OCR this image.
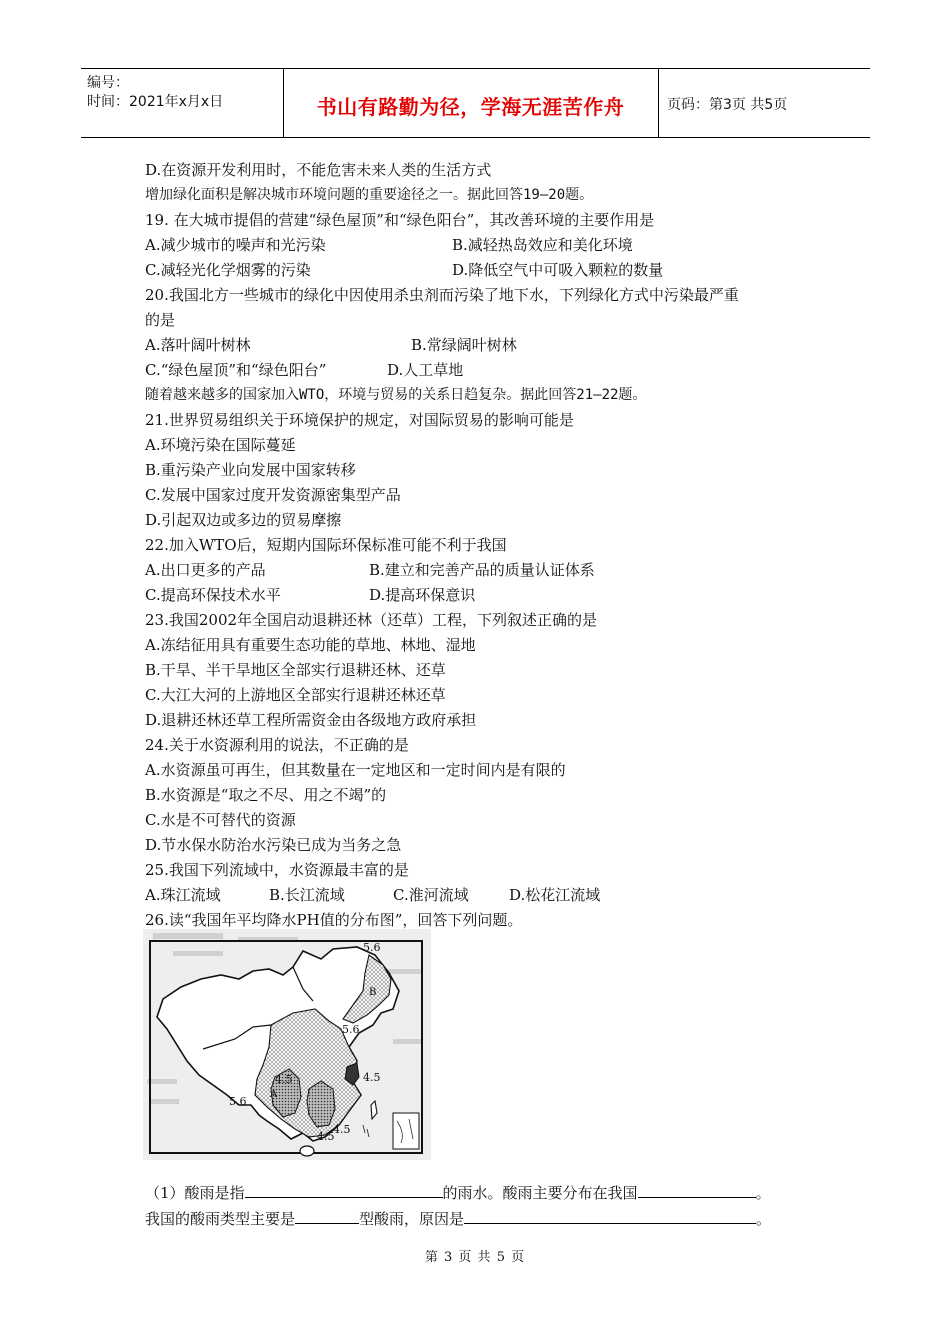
编号：
时间：2021年x月x日	书山有路勤为径，学海无涯苦作舟	页码：第3页 共5页
D.在资源开发利用时，不能危害未来人类的生活方式
增加绿化面积是解决城市环境问题的重要途径之一。据此回答19—20题。
19. 在大城市提倡的营建“绿色屋顶”和“绿色阳台”，其改善环境的主要作用是
A.减少城市的噪声和光污染	B.减轻热岛效应和美化环境
C.减轻光化学烟雾的污染	D.降低空气中可吸入颗粒的数量
20.我国北方一些城市的绿化中因使用杀虫剂而污染了地下水，下列绿化方式中污染最严重
的是
A.落叶阔叶树林	B.常绿阔叶树林
C.“绿色屋顶”和“绿色阳台”	D.人工草地
随着越来越多的国家加入WTO，环境与贸易的关系日趋复杂。据此回答21—22题。
21.世界贸易组织关于环境保护的规定，对国际贸易的影响可能是
A.环境污染在国际蔓延
B.重污染产业向发展中国家转移
C.发展中国家过度开发资源密集型产品
D.引起双边或多边的贸易摩擦
22.加入WTO后，短期内国际环保标准可能不利于我国
A.出口更多的产品	B.建立和完善产品的质量认证体系
C.提高环保技术水平	D.提高环保意识
23.我国2002年全国启动退耕还林（还草）工程，下列叙述正确的是
A.冻结征用具有重要生态功能的草地、林地、湿地
B.干旱、半干旱地区全部实行退耕还林、还草
C.大江大河的上游地区全部实行退耕还林还草
D.退耕还林还草工程所需资金由各级地方政府承担
24.关于水资源利用的说法，不正确的是
A.水资源虽可再生，但其数量在一定地区和一定时间内是有限的
B.水资源是“取之不尽、用之不竭”的
C.水是不可替代的资源
D.节水保水防治水污染已成为当务之急
25.我国下列流域中，水资源最丰富的是
A.珠江流域	B.长江流域	C.淮河流域	D.松花江流域
26.读“我国年平均降水PH值的分布图”，回答下列问题。
5.6
B
5.6
4.5	4.5
A
5.6
4.5
4.5
（1）酸雨是指	的雨水。酸雨主要分布在我国	。
我国的酸雨类型主要是	型酸雨，原因是	。
第 3 页 共 5 页
